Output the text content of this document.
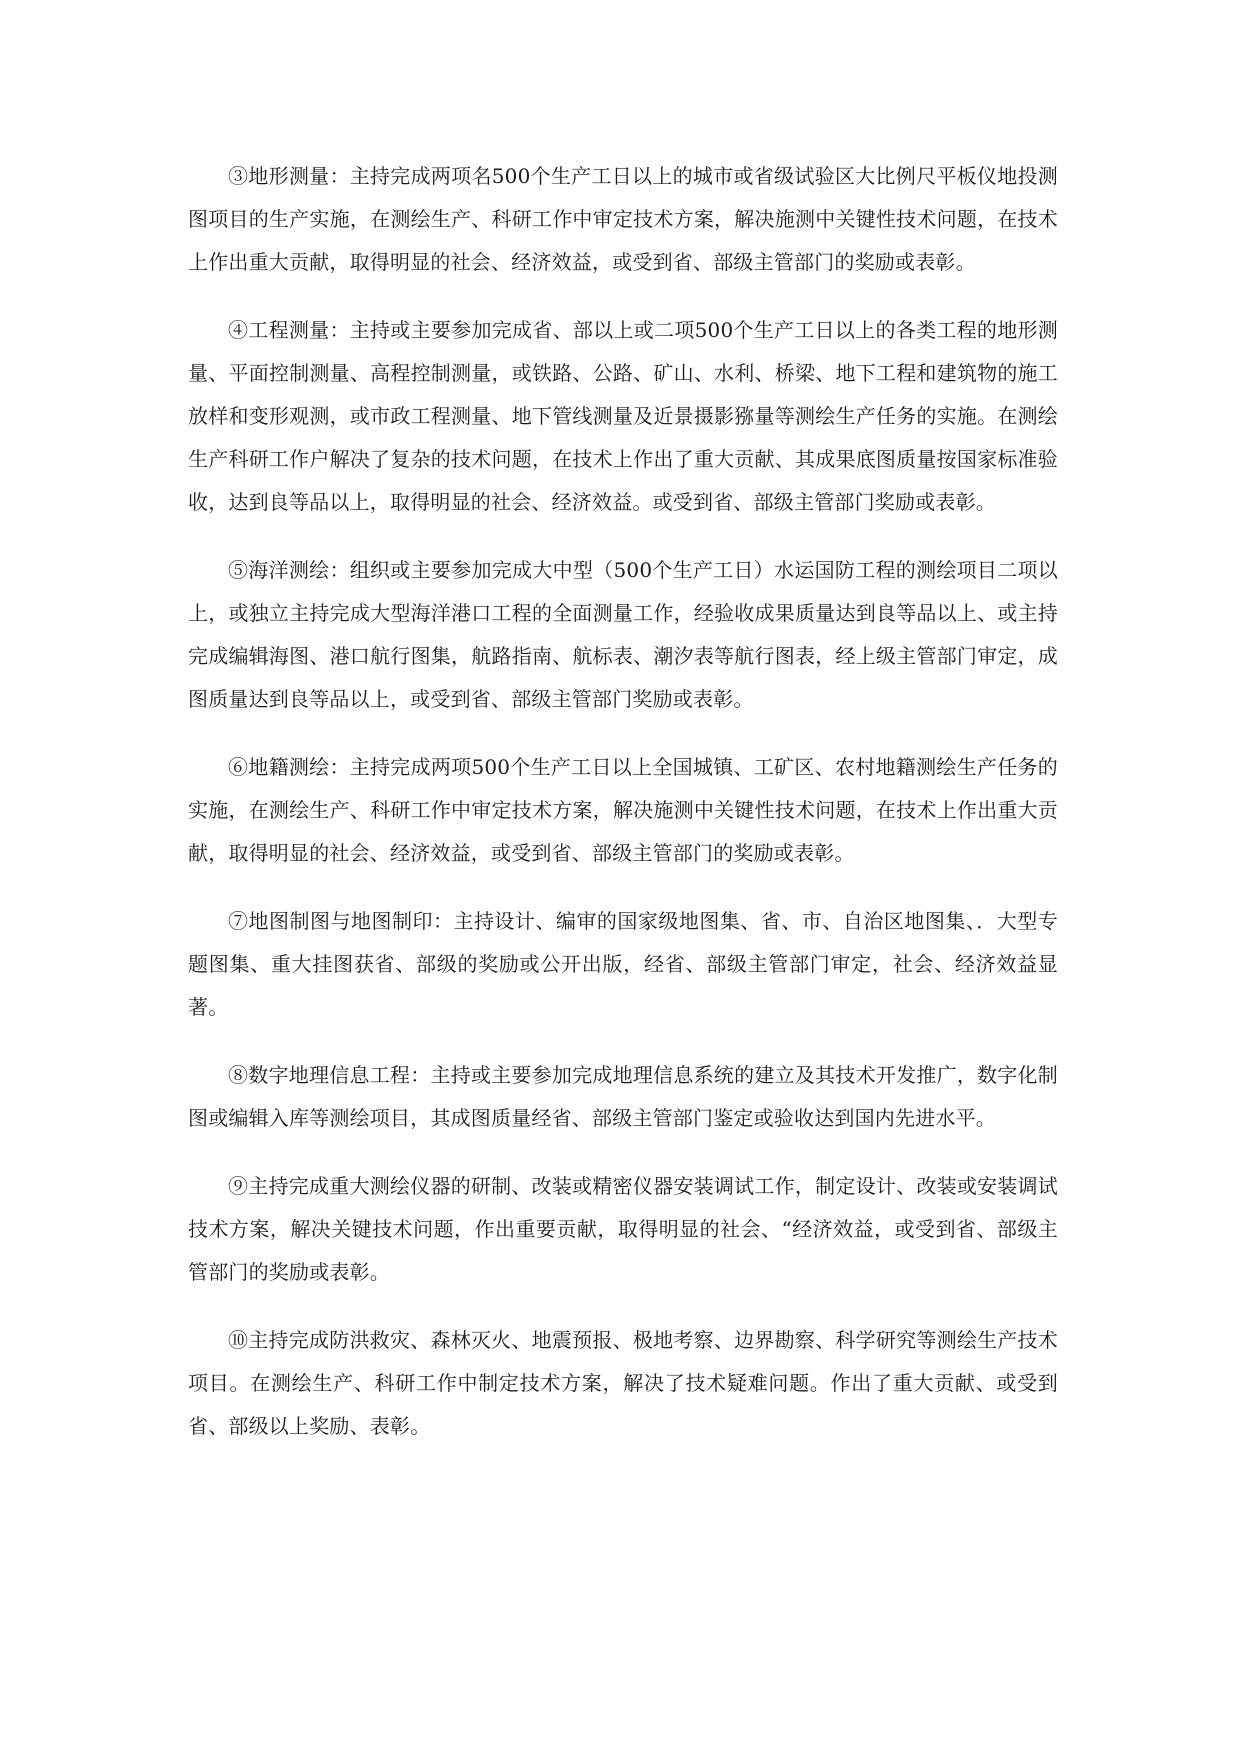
③地形测量：主持完成两项名500个生产工日以上的城市或省级试验区大比例尺平板仪地投测图项目的生产实施，在测绘生产、科研工作中审定技术方案，解决施测中关键性技术问题，在技术上作出重大贡献，取得明显的社会、经济效益，或受到省、部级主管部门的奖励或表彰。

④工程测量：主持或主要参加完成省、部以上或二项500个生产工日以上的各类工程的地形测量、平面控制测量、高程控制测量，或铁路、公路、矿山、水利、桥梁、地下工程和建筑物的施工放样和变形观测，或市政工程测量、地下管线测量及近景摄影猕量等测绘生产任务的实施。在测绘生产科研工作户解决了复杂的技术问题，在技术上作出了重大贡献、其成果底图质量按国家标准验收，达到良等品以上，取得明显的社会、经济效益。或受到省、部级主管部门奖励或表彰。

⑤海洋测绘：组织或主要参加完成大中型（500个生产工日）水运国防工程的测绘项目二项以上，或独立主持完成大型海洋港口工程的全面测量工作，经验收成果质量达到良等品以上、或主持完成编辑海图、港口航行图集，航路指南、航标表、潮汐表等航行图表，经上级主管部门审定，成图质量达到良等品以上，或受到省、部级主管部门奖励或表彰。

⑥地籍测绘：主持完成两项500个生产工日以上全国城镇、工矿区、农村地籍测绘生产任务的实施，在测绘生产、科研工作中审定技术方案，解决施测中关键性技术问题，在技术上作出重大贡献，取得明显的社会、经济效益，或受到省、部级主管部门的奖励或表彰。

⑦地图制图与地图制印：主持设计、编审的国家级地图集、省、市、自治区地图集、．大型专题图集、重大挂图获省、部级的奖励或公开出版，经省、部级主管部门审定，社会、经济效益显著。

⑧数字地理信息工程：主持或主要参加完成地理信息系统的建立及其技术开发推广，数字化制图或编辑入库等测绘项目，其成图质量经省、部级主管部门鉴定或验收达到国内先进水平。

⑨主持完成重大测绘仪器的研制、改装或精密仪器安装调试工作，制定设计、改装或安装调试技术方案，解决关键技术问题，作出重要贡献，取得明显的社会、“经济效益，或受到省、部级主管部门的奖励或表彰。

⑩主持完成防洪救灾、森林灭火、地震预报、极地考察、边界勘察、科学研究等测绘生产技术项目。在测绘生产、科研工作中制定技术方案，解决了技术疑难问题。作出了重大贡献、或受到省、部级以上奖励、表彰。
